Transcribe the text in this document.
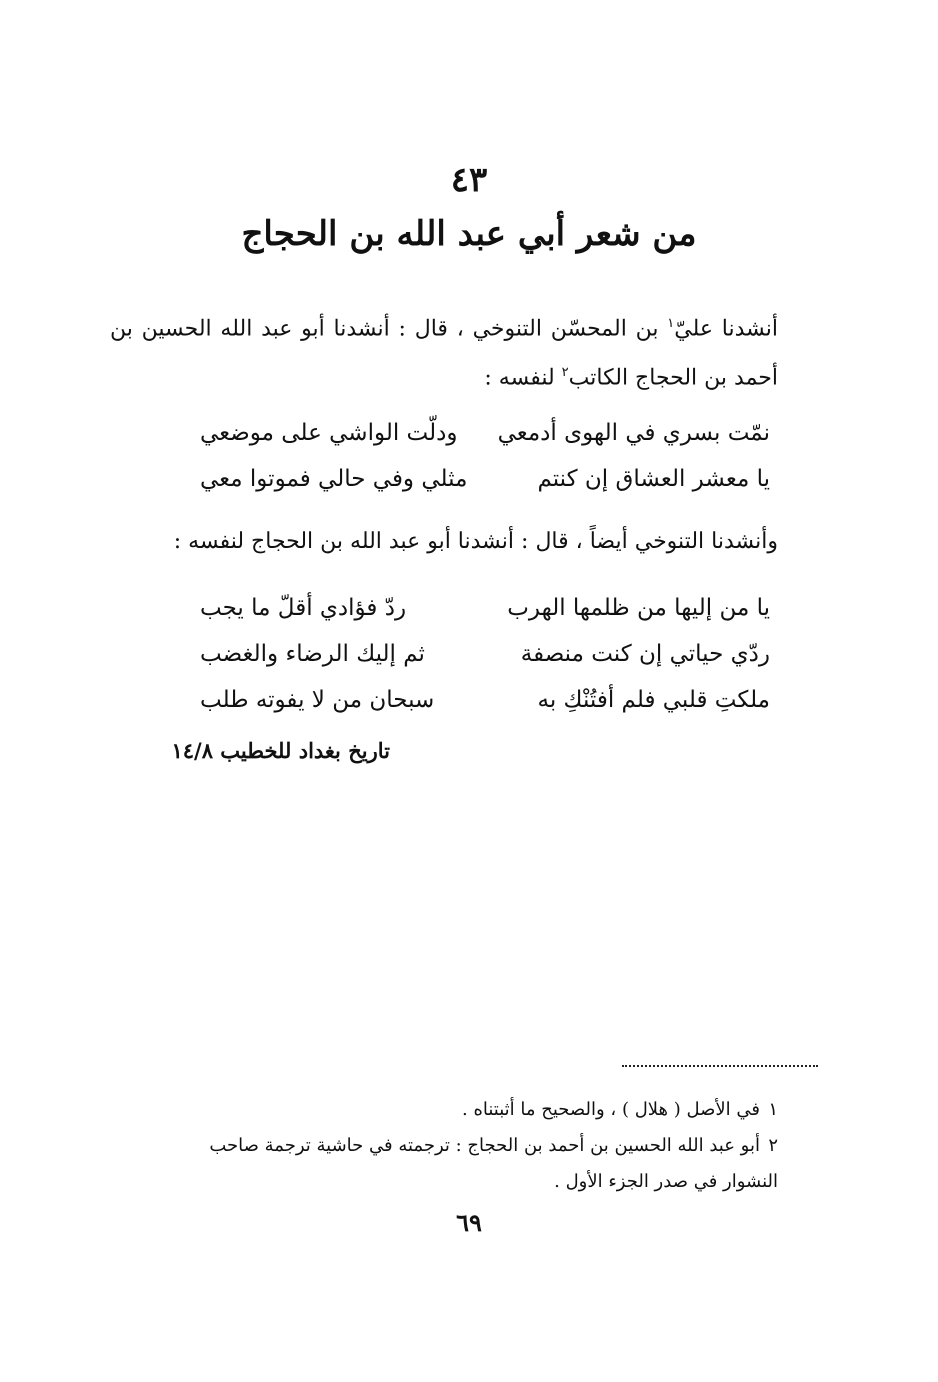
٤٣
من شعر أبي عبد الله بن الحجاج
أنشدنا عليّ$^١$ بن المحسّن التنوخي ، قال : أنشدنا أبو عبد الله الحسين بن أحمد بن الحجاج الكاتب$^٢$ لنفسه :
نمّت بسري في الهوى أدمعي
ودلّت الواشي على موضعي
يا معشر العشاق إن كنتم
مثلي وفي حالي فموتوا معي
وأنشدنا التنوخي أيضاً ، قال : أنشدنا أبو عبد الله بن الحجاج لنفسه :
يا من إليها من ظلمها الهرب
ردّ فؤادي أقلّ ما يجب
ردّي حياتي إن كنت منصفة
ثم إليك الرضاء والغضب
ملكتِ قلبي فلم أفتُنْكِ به
سبحان من لا يفوته طلب
تاريخ بغداد للخطيب ١٤/٨
١في الأصل ( هلال ) ، والصحيح ما أثبتناه .
٢أبو عبد الله الحسين بن أحمد بن الحجاج : ترجمته في حاشية ترجمة صاحب النشوار في صدر الجزء الأول .
٦٩
